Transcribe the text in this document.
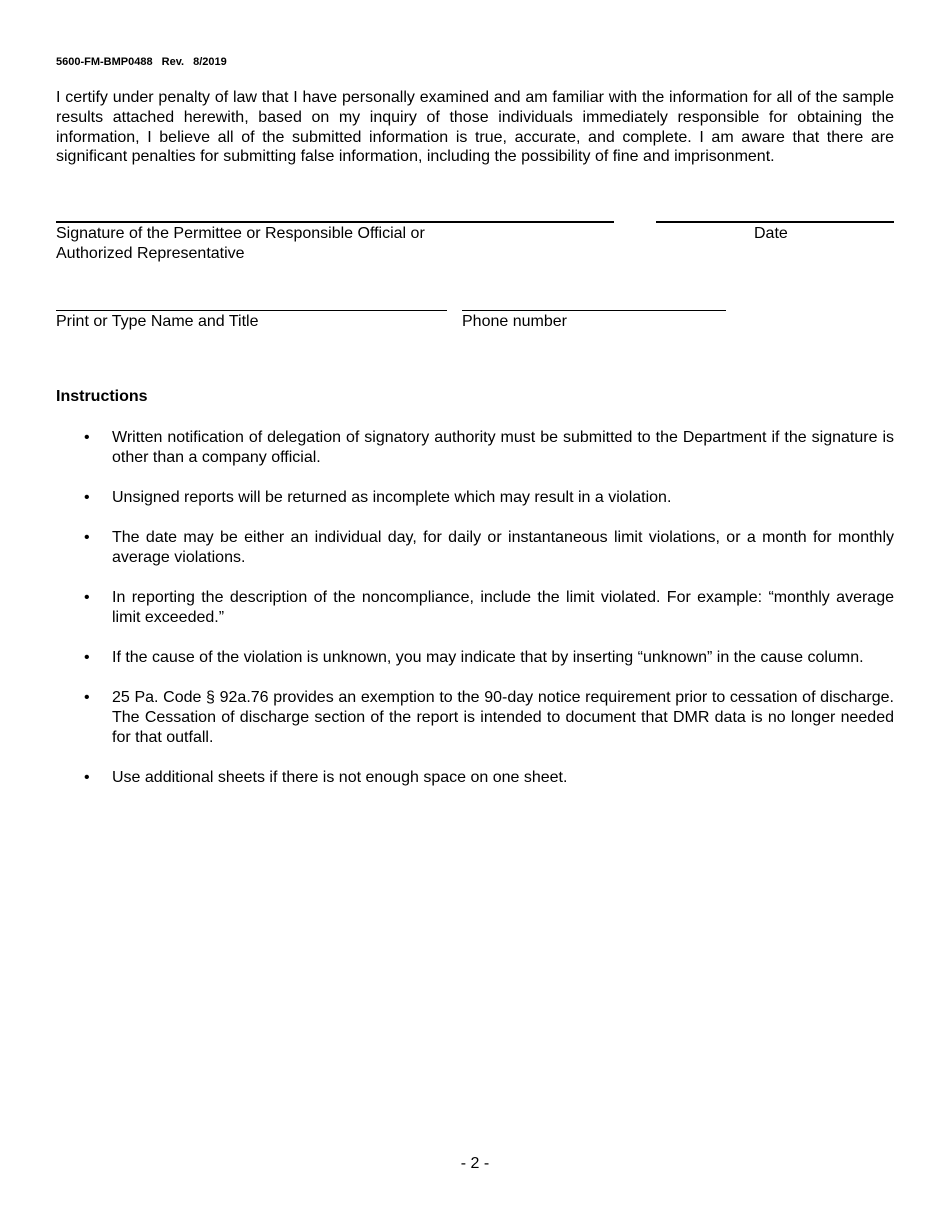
5600-FM-BMP0488 Rev. 8/2019

I certify under penalty of law that I have personally examined and am familiar with the information for all of the sample results attached herewith, based on my inquiry of those individuals immediately responsible for obtaining the information, I believe all of the submitted information is true, accurate, and complete. I am aware that there are significant penalties for submitting false information, including the possibility of fine and imprisonment.

Signature of the Permittee or Responsible Official or
Authorized Representative
Date
Print or Type Name and Title	Phone number
Instructions
• Written notification of delegation of signatory authority must be submitted to the Department if the signature is other than a company official.
• Unsigned reports will be returned as incomplete which may result in a violation.
• The date may be either an individual day, for daily or instantaneous limit violations, or a month for monthly average violations.
• In reporting the description of the noncompliance, include the limit violated. For example: “monthly average limit exceeded.”
• If the cause of the violation is unknown, you may indicate that by inserting “unknown” in the cause column.
• 25 Pa. Code § 92a.76 provides an exemption to the 90-day notice requirement prior to cessation of discharge. The Cessation of discharge section of the report is intended to document that DMR data is no longer needed for that outfall.
• Use additional sheets if there is not enough space on one sheet.
- 2 -
